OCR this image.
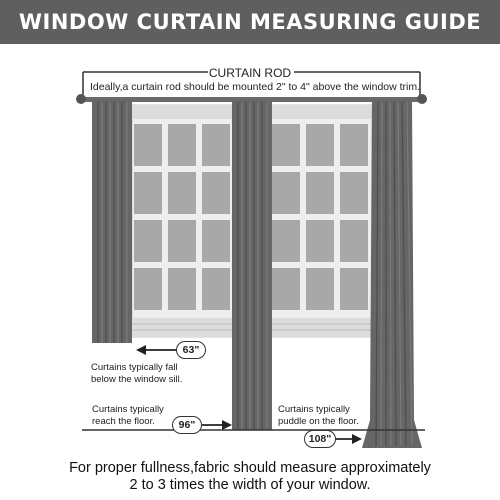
WINDOW CURTAIN MEASURING GUIDE
CURTAIN ROD
Ideally,a curtain rod should be mounted 2" to 4" above the window trim.
63"
Curtains typically fall
below the window sill.
96"
Curtains typically
reach the floor.
108"
Curtains typically
puddle on the floor.
For proper fullness,fabric should measure approximately
2 to 3 times the width of your window.
